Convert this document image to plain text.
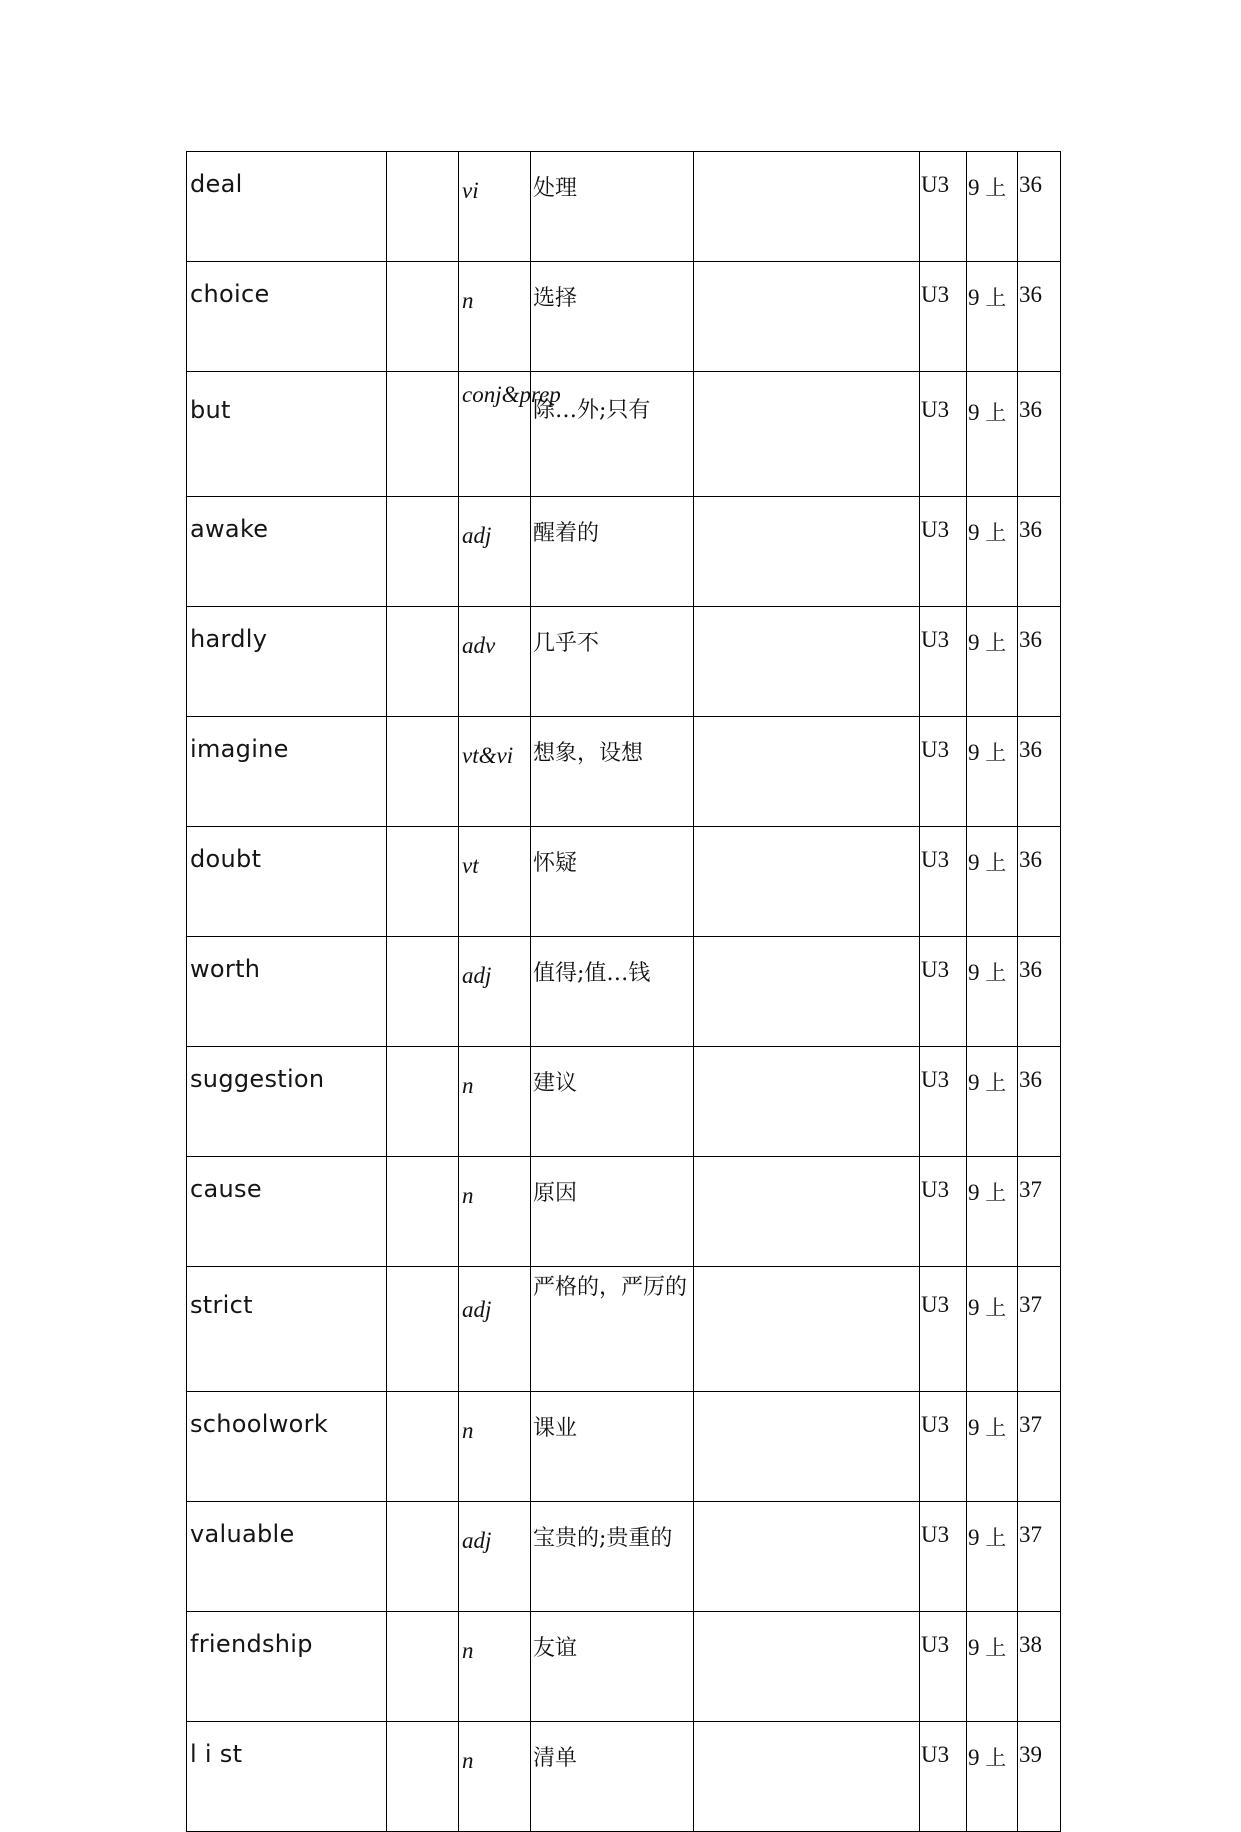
deal		vi	处理		U3	9 上	36
choice		n	选择		U3	9 上	36
but		conj&prep	除…外;只有		U3	9 上	36
awake		adj	醒着的		U3	9 上	36
hardly		adv	几乎不		U3	9 上	36
imagine		vt&vi	想象，设想		U3	9 上	36
doubt		vt	怀疑		U3	9 上	36
worth		adj	值得;值…钱		U3	9 上	36
suggestion		n	建议		U3	9 上	36
cause		n	原因		U3	9 上	37
strict		adj	严格的，严厉的		U3	9 上	37
schoolwork		n	课业		U3	9 上	37
valuable		adj	宝贵的;贵重的		U3	9 上	37
friendship		n	友谊		U3	9 上	38
l i st		n	清单		U3	9 上	39
